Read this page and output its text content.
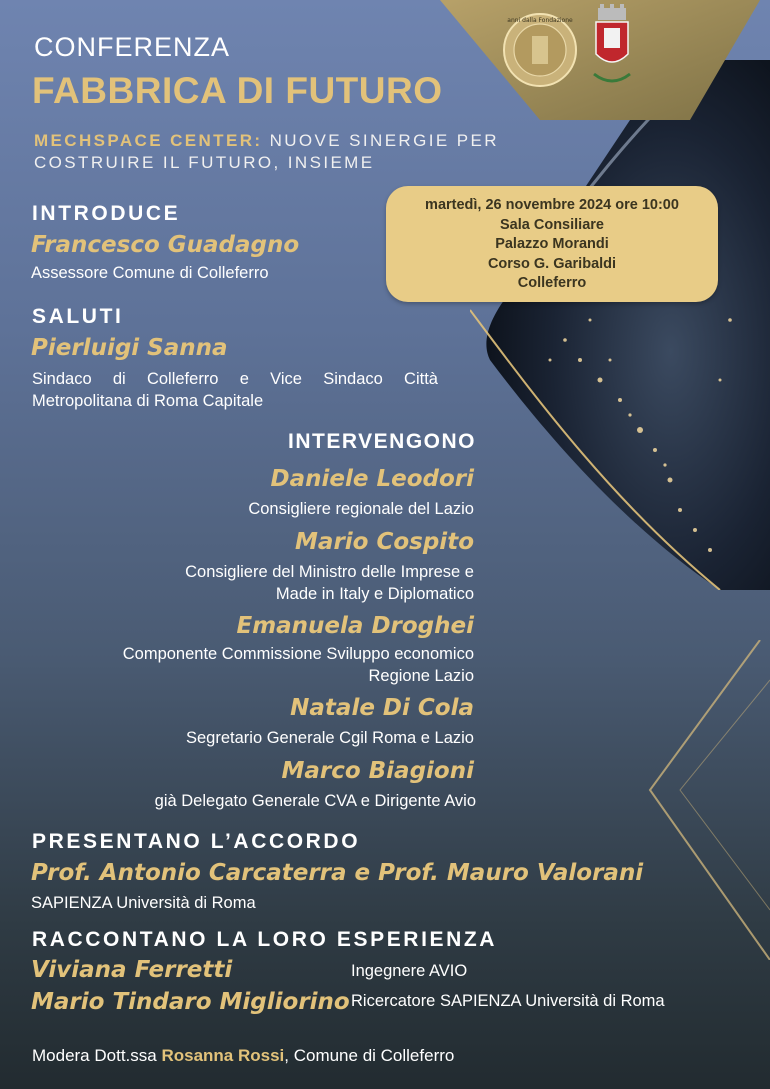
anni dalla Fondazione
CONFERENZA
FABBRICA DI FUTURO
MECHSPACE CENTER: NUOVE SINERGIE PER COSTRUIRE IL FUTURO, INSIEME
martedì, 26 novembre 2024 ore 10:00
Sala Consiliare
Palazzo Morandi
Corso G. Garibaldi
Colleferro
INTRODUCE
Francesco Guadagno
Assessore Comune di Colleferro
SALUTI
Pierluigi Sanna
Sindaco di Colleferro e Vice Sindaco Città Metropolitana di Roma Capitale
INTERVENGONO
Daniele Leodori
Consigliere regionale del Lazio
Mario Cospito
Consigliere del Ministro delle Imprese e
Made in Italy e Diplomatico
Emanuela Droghei
Componente Commissione Sviluppo economico
Regione Lazio
Natale Di Cola
Segretario Generale Cgil Roma e Lazio
Marco Biagioni
già Delegato Generale CVA e Dirigente Avio
PRESENTANO L’ACCORDO
Prof. Antonio Carcaterra e Prof. Mauro Valorani
SAPIENZA Università di Roma
RACCONTANO LA LORO ESPERIENZA
Viviana Ferretti	Ingegnere AVIO
Mario Tindaro Migliorino Ricercatore SAPIENZA Università di Roma
Modera Dott.ssa Rosanna Rossi, Comune di Colleferro
